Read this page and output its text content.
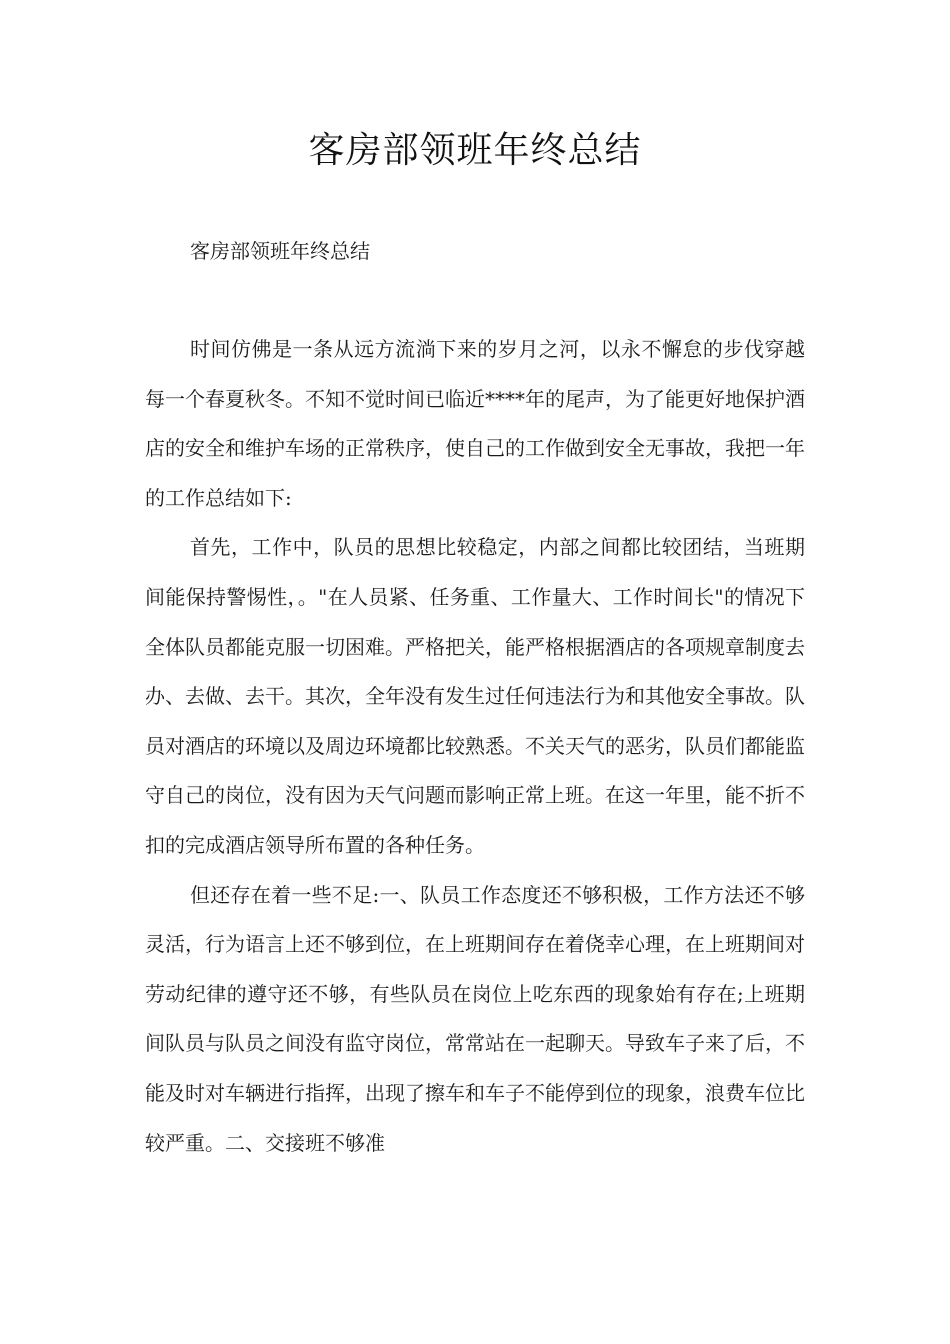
客房部领班年终总结
客房部领班年终总结

时间仿佛是一条从远方流淌下来的岁月之河，以永不懈怠的步伐穿越每一个春夏秋冬。不知不觉时间已临近****年的尾声，为了能更好地保护酒店的安全和维护车场的正常秩序，使自己的工作做到安全无事故，我把一年的工作总结如下:

首先，工作中，队员的思想比较稳定，内部之间都比较团结，当班期间能保持警惕性，。"在人员紧、任务重、工作量大、工作时间长"的情况下全体队员都能克服一切困难。严格把关，能严格根据酒店的各项规章制度去办、去做、去干。其次，全年没有发生过任何违法行为和其他安全事故。队员对酒店的环境以及周边环境都比较熟悉。不关天气的恶劣，队员们都能监守自己的岗位，没有因为天气问题而影响正常上班。在这一年里，能不折不扣的完成酒店领导所布置的各种任务。

但还存在着一些不足:一、队员工作态度还不够积极，工作方法还不够灵活，行为语言上还不够到位，在上班期间存在着侥幸心理，在上班期间对劳动纪律的遵守还不够，有些队员在岗位上吃东西的现象始有存在;上班期间队员与队员之间没有监守岗位，常常站在一起聊天。导致车子来了后，不能及时对车辆进行指挥，出现了擦车和车子不能停到位的现象，浪费车位比较严重。二、交接班不够准
